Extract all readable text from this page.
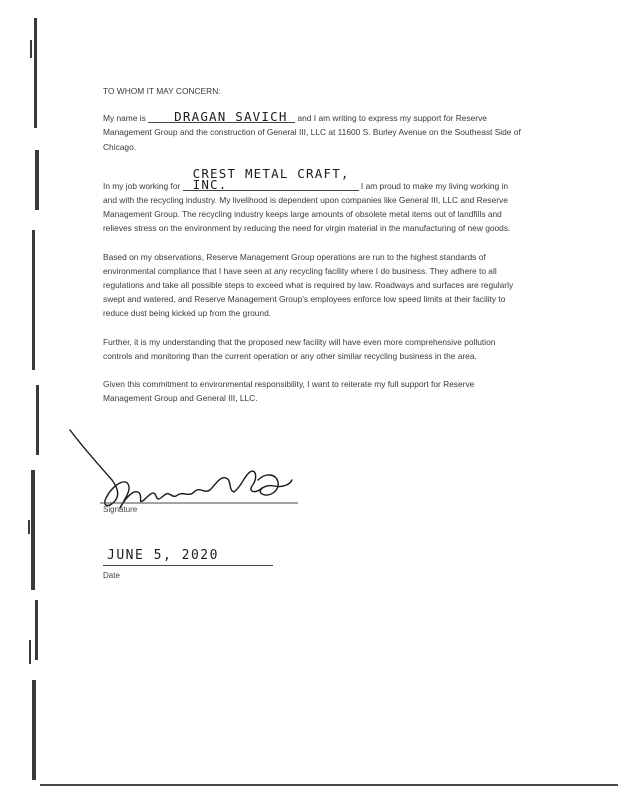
TO WHOM IT MAY CONCERN:

My name is DRAGAN SAVICH and I am writing to express my support for Reserve Management Group and the construction of General III, LLC at 11600 S. Burley Avenue on the Southeast Side of Chicago.

In my job working for CREST METAL CRAFT, INC.	I am proud to make my living working in and with the recycling industry. My livelihood is dependent upon companies like General III, LLC and Reserve Management Group. The recycling industry keeps large amounts of obsolete metal items out of landfills and relieves stress on the environment by reducing the need for virgin material in the manufacturing of new goods.

Based on my observations, Reserve Management Group operations are run to the highest standards of environmental compliance that I have seen at any recycling facility where I do business. They adhere to all regulations and take all possible steps to exceed what is required by law. Roadways and surfaces are regularly swept and watered, and Reserve Management Group's employees enforce low speed limits at their facility to reduce dust being kicked up from the ground.

Further, it is my understanding that the proposed new facility will have even more comprehensive pollution controls and monitoring than the current operation or any other similar recycling business in the area.

Given this commitment to environmental responsibility, I want to reiterate my full support for Reserve Management Group and General III, LLC.

Signature
JUNE 5, 2020
Date
